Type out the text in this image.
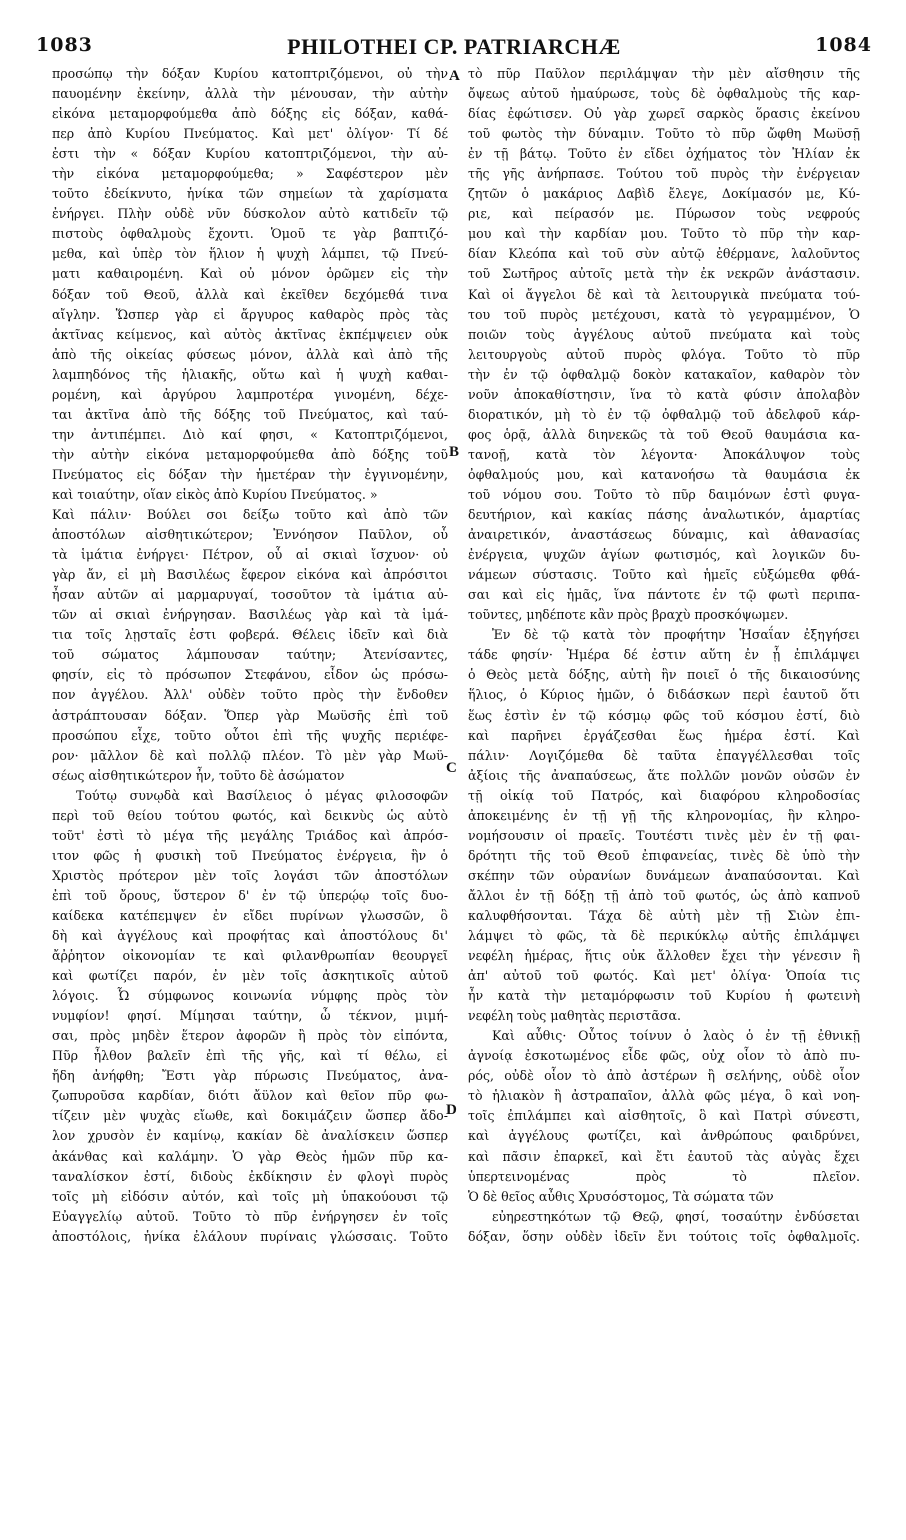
1083	PHILOTHEI CP. PATRIARCHÆ	1084
προσώπῳ τὴν δόξαν Κυρίου κατοπτριζόμενοι, οὐ τὴν
παυομένην ἐκείνην, ἀλλὰ τὴν μένουσαν, τὴν αὐτὴν
εἰκόνα μεταμορφούμεθα ἀπὸ δόξης εἰς δόξαν, καθά-
περ ἀπὸ Κυρίου Πνεύματος. Καὶ μετ' ὀλίγον· Τί δέ
ἐστι τὴν « δόξαν Κυρίου κατοπτριζόμενοι, τὴν αὐ-
τὴν εἰκόνα μεταμορφούμεθα; » Σαφέστερον μὲν
τοῦτο ἐδείκνυτο, ἡνίκα τῶν σημείων τὰ χαρίσματα
ἐνήργει. Πλὴν οὐδὲ νῦν δύσκολον αὐτὸ κατιδεῖν τῷ
πιστοὺς ὀφθαλμοὺς ἔχοντι. Ὁμοῦ τε γὰρ βαπτιζό-
μεθα, καὶ ὑπὲρ τὸν ἥλιον ἡ ψυχὴ λάμπει, τῷ Πνεύ-
ματι καθαιρομένη. Καὶ οὐ μόνον ὁρῶμεν εἰς τὴν
δόξαν τοῦ Θεοῦ, ἀλλὰ καὶ ἐκεῖθεν δεχόμεθά τινα
αἴγλην. Ὥσπερ γὰρ εἰ ἄργυρος καθαρὸς πρὸς τὰς
ἀκτῖνας κείμενος, καὶ αὐτὸς ἀκτῖνας ἐκπέμψειεν οὐκ
ἀπὸ τῆς οἰκείας φύσεως μόνον, ἀλλὰ καὶ ἀπὸ τῆς
λαμπηδόνος τῆς ἡλιακῆς, οὕτω καὶ ἡ ψυχὴ καθαι-
ρομένη, καὶ ἀργύρου λαμπροτέρα γινομένη, δέχε-
ται ἀκτῖνα ἀπὸ τῆς δόξης τοῦ Πνεύματος, καὶ ταύ-
την ἀντιπέμπει. Διὸ καί φησι, « Κατοπτριζόμενοι,
τὴν αὐτὴν εἰκόνα μεταμορφούμεθα ἀπὸ δόξης τοῦ
Πνεύματος εἰς δόξαν τὴν ἡμετέραν τὴν ἐγγινομένην,
καὶ τοιαύτην, οἵαν εἰκὸς ἀπὸ Κυρίου Πνεύματος. »
Καὶ πάλιν· Βούλει σοι δείξω τοῦτο καὶ ἀπὸ τῶν
ἀποστόλων αἰσθητικώτερον; Ἐννόησον Παῦλον, οὗ
τὰ ἱμάτια ἐνήργει· Πέτρον, οὗ αἱ σκιαὶ ἴσχυον· οὐ
γὰρ ἄν, εἰ μὴ Βασιλέως ἔφερον εἰκόνα καὶ ἀπρόσιτοι
ἦσαν αὐτῶν αἱ μαρμαρυγαί, τοσοῦτον τὰ ἱμάτια αὐ-
τῶν αἱ σκιαὶ ἐνήργησαν. Βασιλέως γὰρ καὶ τὰ ἱμά-
τια τοῖς λῃσταῖς ἐστι φοβερά. Θέλεις ἰδεῖν καὶ διὰ
τοῦ σώματος λάμπουσαν ταύτην; Ἀτενίσαντες,
φησίν, εἰς τὸ πρόσωπον Στεφάνου, εἶδον ὡς πρόσω-
πον ἀγγέλου. Ἀλλ' οὐδὲν τοῦτο πρὸς τὴν ἔνδοθεν
ἀστράπτουσαν δόξαν. Ὅπερ γὰρ Μωϋσῆς ἐπὶ τοῦ
προσώπου εἶχε, τοῦτο οὗτοι ἐπὶ τῆς ψυχῆς περιέφε-
ρον· μᾶλλον δὲ καὶ πολλῷ πλέον. Τὸ μὲν γὰρ Μωϋ-
σέως αἰσθητικώτερον ἦν, τοῦτο δὲ ἀσώματον
Τούτῳ συνῳδὰ καὶ Βασίλειος ὁ μέγας φιλοσοφῶν
περὶ τοῦ θείου τούτου φωτός, καὶ δεικνὺς ὡς αὐτὸ
τοῦτ' ἐστὶ τὸ μέγα τῆς μεγάλης Τριάδος καὶ ἀπρόσ-
ιτον φῶς ἡ φυσικὴ τοῦ Πνεύματος ἐνέργεια, ἣν ὁ
Χριστὸς πρότερον μὲν τοῖς λογάσι τῶν ἀποστόλων
ἐπὶ τοῦ ὄρους, ὕστερον δ' ἐν τῷ ὑπερῴῳ τοῖς δυο-
καίδεκα κατέπεμψεν ἐν εἴδει πυρίνων γλωσσῶν, ὃ
δὴ καὶ ἀγγέλους καὶ προφήτας καὶ ἀποστόλους δι'
ἄῤῥητον οἰκονομίαν τε καὶ φιλανθρωπίαν θεουργεῖ
καὶ φωτίζει παρόν, ἐν μὲν τοῖς ἀσκητικοῖς αὐτοῦ
λόγοις. Ὦ σύμφωνος κοινωνία νύμφης πρὸς τὸν
νυμφίον! φησί. Μίμησαι ταύτην, ὦ τέκνον, μιμή-
σαι, πρὸς μηδὲν ἕτερον ἀφορῶν ἢ πρὸς τὸν εἰπόντα,
Πῦρ ἦλθον βαλεῖν ἐπὶ τῆς γῆς, καὶ τί θέλω, εἰ
ἤδη ἀνήφθη; Ἔστι γὰρ πύρωσις Πνεύματος, ἀνα-
ζωπυροῦσα καρδίαν, διότι ἄϋλον καὶ θεῖον πῦρ φω-
τίζειν μὲν ψυχὰς εἴωθε, καὶ δοκιμάζειν ὥσπερ ἄδο-
λον χρυσὸν ἐν καμίνῳ, κακίαν δὲ ἀναλίσκειν ὥσπερ
ἀκάνθας καὶ καλάμην. Ὁ γὰρ Θεὸς ἡμῶν πῦρ κα-
ταναλίσκον ἐστί, διδοὺς ἐκδίκησιν ἐν φλογὶ πυρὸς
τοῖς μὴ εἰδόσιν αὐτόν, καὶ τοῖς μὴ ὑπακούουσι τῷ
Εὐαγγελίῳ αὐτοῦ. Τοῦτο τὸ πῦρ ἐνήργησεν ἐν τοῖς
ἀποστόλοις, ἡνίκα ἐλάλουν πυρίναις γλώσσαις. Τοῦτο
τὸ πῦρ Παῦλον περιλάμψαν τὴν μὲν αἴσθησιν τῆς
ὄψεως αὐτοῦ ἠμαύρωσε, τοὺς δὲ ὀφθαλμοὺς τῆς καρ-
δίας ἐφώτισεν. Οὐ γὰρ χωρεῖ σαρκὸς ὅρασις ἐκείνου
τοῦ φωτὸς τὴν δύναμιν. Τοῦτο τὸ πῦρ ὤφθη Μωϋσῇ
ἐν τῇ βάτῳ. Τοῦτο ἐν εἴδει ὀχήματος τὸν Ἠλίαν ἐκ
τῆς γῆς ἀνήρπασε. Τούτου τοῦ πυρὸς τὴν ἐνέργειαν
ζητῶν ὁ μακάριος Δαβὶδ ἔλεγε, Δοκίμασόν με, Κύ-
ριε, καὶ πείρασόν με. Πύρωσον τοὺς νεφρούς
μου καὶ τὴν καρδίαν μου. Τοῦτο τὸ πῦρ τὴν καρ-
δίαν Κλεόπα καὶ τοῦ σὺν αὐτῷ ἐθέρμανε, λαλοῦντος
τοῦ Σωτῆρος αὐτοῖς μετὰ τὴν ἐκ νεκρῶν ἀνάστασιν.
Καὶ οἱ ἄγγελοι δὲ καὶ τὰ λειτουργικὰ πνεύματα τού-
του τοῦ πυρὸς μετέχουσι, κατὰ τὸ γεγραμμένον, Ὁ
ποιῶν τοὺς ἀγγέλους αὐτοῦ πνεύματα καὶ τοὺς
λειτουργοὺς αὐτοῦ πυρὸς φλόγα. Τοῦτο τὸ πῦρ
τὴν ἐν τῷ ὀφθαλμῷ δοκὸν κατακαῖον, καθαρὸν τὸν
νοῦν ἀποκαθίστησιν, ἵνα τὸ κατὰ φύσιν ἀπολαβὸν
διορατικόν, μὴ τὸ ἐν τῷ ὀφθαλμῷ τοῦ ἀδελφοῦ κάρ-
φος ὁρᾷ, ἀλλὰ διηνεκῶς τὰ τοῦ Θεοῦ θαυμάσια κα-
τανοῇ, κατὰ τὸν λέγοντα· Ἀποκάλυψον τοὺς
ὀφθαλμούς μου, καὶ κατανοήσω τὰ θαυμάσια ἐκ
τοῦ νόμου σου. Τοῦτο τὸ πῦρ δαιμόνων ἐστὶ φυγα-
δευτήριον, καὶ κακίας πάσης ἀναλωτικόν, ἁμαρτίας
ἀναιρετικόν, ἀναστάσεως δύναμις, καὶ ἀθανασίας
ἐνέργεια, ψυχῶν ἁγίων φωτισμός, καὶ λογικῶν δυ-
νάμεων σύστασις. Τοῦτο καὶ ἡμεῖς εὐξώμεθα φθά-
σαι καὶ εἰς ἡμᾶς, ἵνα πάντοτε ἐν τῷ φωτὶ περιπα-
τοῦντες, μηδέποτε κἂν πρὸς βραχὺ προσκόψωμεν.
Ἐν δὲ τῷ κατὰ τὸν προφήτην Ἡσαΐαν ἐξηγήσει
τάδε φησίν· Ἡμέρα δέ ἐστιν αὕτη ἐν ᾗ ἐπιλάμψει
ὁ Θεὸς μετὰ δόξης, αὐτὴ ἣν ποιεῖ ὁ τῆς δικαιοσύνης
ἥλιος, ὁ Κύριος ἡμῶν, ὁ διδάσκων περὶ ἑαυτοῦ ὅτι
ἕως ἐστὶν ἐν τῷ κόσμῳ φῶς τοῦ κόσμου ἐστί, διὸ
καὶ παρῆνει ἐργάζεσθαι ἕως ἡμέρα ἐστί. Καὶ
πάλιν· Λογιζόμεθα δὲ ταῦτα ἐπαγγέλλεσθαι τοῖς
ἀξίοις τῆς ἀναπαύσεως, ἅτε πολλῶν μονῶν οὐσῶν ἐν
τῇ οἰκίᾳ τοῦ Πατρός, καὶ διαφόρου κληροδοσίας
ἀποκειμένης ἐν τῇ γῇ τῆς κληρονομίας, ἣν κληρο-
νομήσουσιν οἱ πραεῖς. Τουτέστι τινὲς μὲν ἐν τῇ φαι-
δρότητι τῆς τοῦ Θεοῦ ἐπιφανείας, τινὲς δὲ ὑπὸ τὴν
σκέπην τῶν οὐρανίων δυνάμεων ἀναπαύσονται. Καὶ
ἄλλοι ἐν τῇ δόξῃ τῇ ἀπὸ τοῦ φωτός, ὡς ἀπὸ καπνοῦ
καλυφθήσονται. Τάχα δὲ αὐτὴ μὲν τῇ Σιὼν ἐπι-
λάμψει τὸ φῶς, τὰ δὲ περικύκλῳ αὐτῆς ἐπιλάμψει
νεφέλη ἡμέρας, ἥτις οὐκ ἄλλοθεν ἔχει τὴν γένεσιν ἢ
ἀπ' αὐτοῦ τοῦ φωτός. Καὶ μετ' ὀλίγα· Ὁποία τις
ἦν κατὰ τὴν μεταμόρφωσιν τοῦ Κυρίου ἡ φωτεινὴ
νεφέλη τοὺς μαθητὰς περιστᾶσα.
Καὶ αὖθις· Οὗτος τοίνυν ὁ λαὸς ὁ ἐν τῇ ἐθνικῇ
ἀγνοίᾳ ἐσκοτωμένος εἶδε φῶς, οὐχ οἷον τὸ ἀπὸ πυ-
ρός, οὐδὲ οἷον τὸ ἀπὸ ἀστέρων ἢ σελήνης, οὐδὲ οἷον
τὸ ἡλιακὸν ἢ ἀστραπαῖον, ἀλλὰ φῶς μέγα, ὃ καὶ νοη-
τοῖς ἐπιλάμπει καὶ αἰσθητοῖς, ὃ καὶ Πατρὶ σύνεστι,
καὶ ἀγγέλους φωτίζει, καὶ ἀνθρώπους φαιδρύνει,
καὶ πᾶσιν ἐπαρκεῖ, καὶ ἔτι ἑαυτοῦ τὰς αὐγὰς ἔχει
ὑπερτεινομένας πρὸς τὸ πλεῖον.
Ὁ δὲ θεῖος αὖθις Χρυσόστομος, Τὰ σώματα τῶν
εὐηρεστηκότων τῷ Θεῷ, φησί, τοσαύτην ἐνδύσεται
δόξαν, ὅσην οὐδὲν ἰδεῖν ἔνι τούτοις τοῖς ὀφθαλμοῖς.
A
B
C
D
